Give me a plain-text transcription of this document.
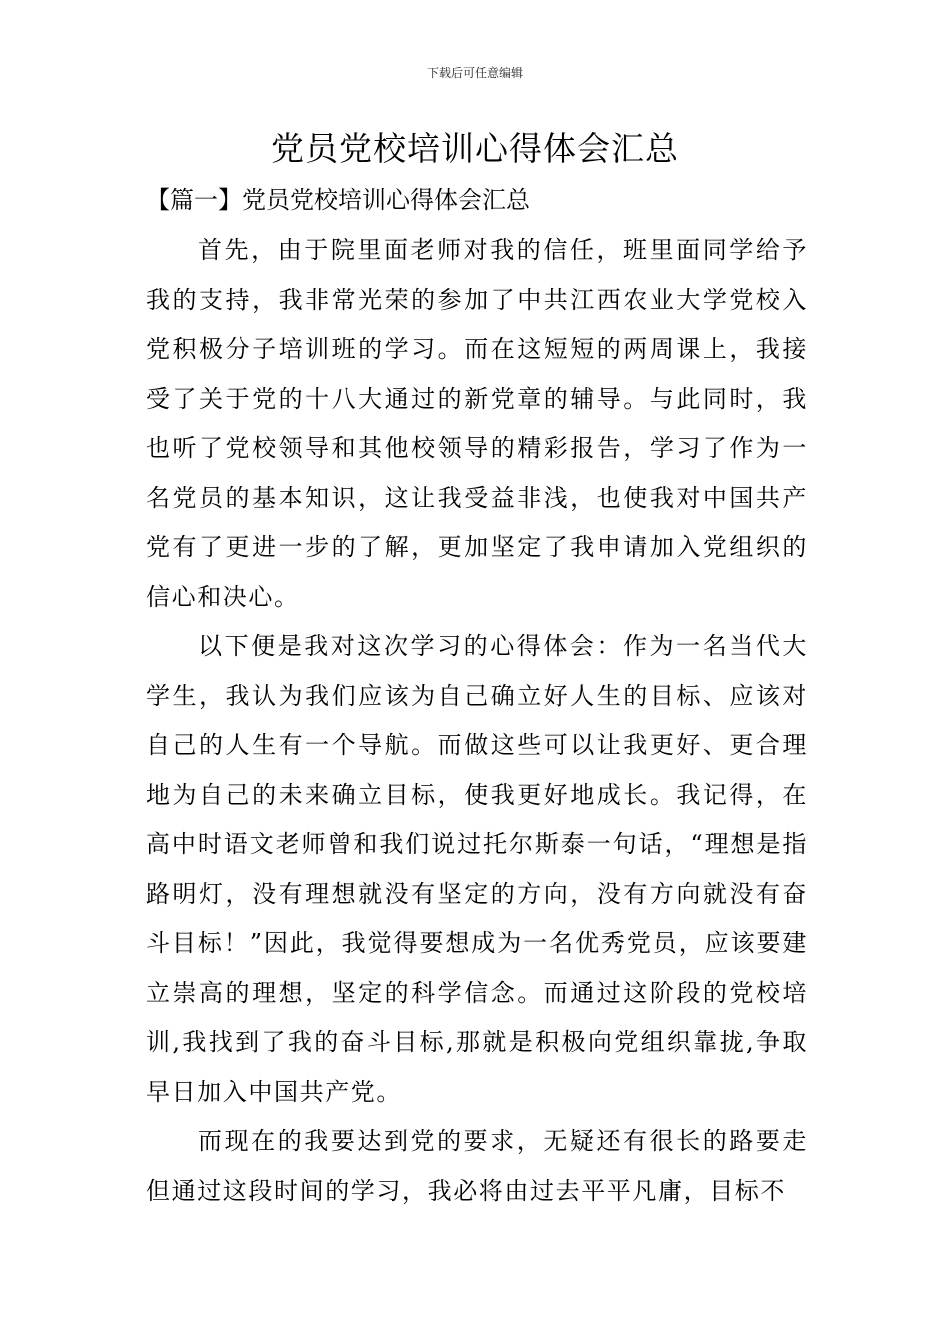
下载后可任意编辑
党员党校培训心得体会汇总
【篇一】党员党校培训心得体会汇总

首先，由于院里面老师对我的信任，班里面同学给予我的支持，我非常光荣的参加了中共江西农业大学党校入党积极分子培训班的学习。而在这短短的两周课上，我接受了关于党的十八大通过的新党章的辅导。与此同时，我也听了党校领导和其他校领导的精彩报告，学习了作为一名党员的基本知识，这让我受益非浅，也使我对中国共产党有了更进一步的了解，更加坚定了我申请加入党组织的信心和决心。

以下便是我对这次学习的心得体会：作为一名当代大学生，我认为我们应该为自己确立好人生的目标、应该对自己的人生有一个导航。而做这些可以让我更好、更合理地为自己的未来确立目标，使我更好地成长。我记得，在高中时语文老师曾和我们说过托尔斯泰一句话，“理想是指路明灯，没有理想就没有坚定的方向，没有方向就没有奋斗目标！”因此，我觉得要想成为一名优秀党员，应该要建立崇高的理想，坚定的科学信念。而通过这阶段的党校培训,我找到了我的奋斗目标,那就是积极向党组织靠拢,争取早日加入中国共产党。

而现在的我要达到党的要求，无疑还有很长的路要走但通过这段时间的学习，我必将由过去平平凡庸，目标不
